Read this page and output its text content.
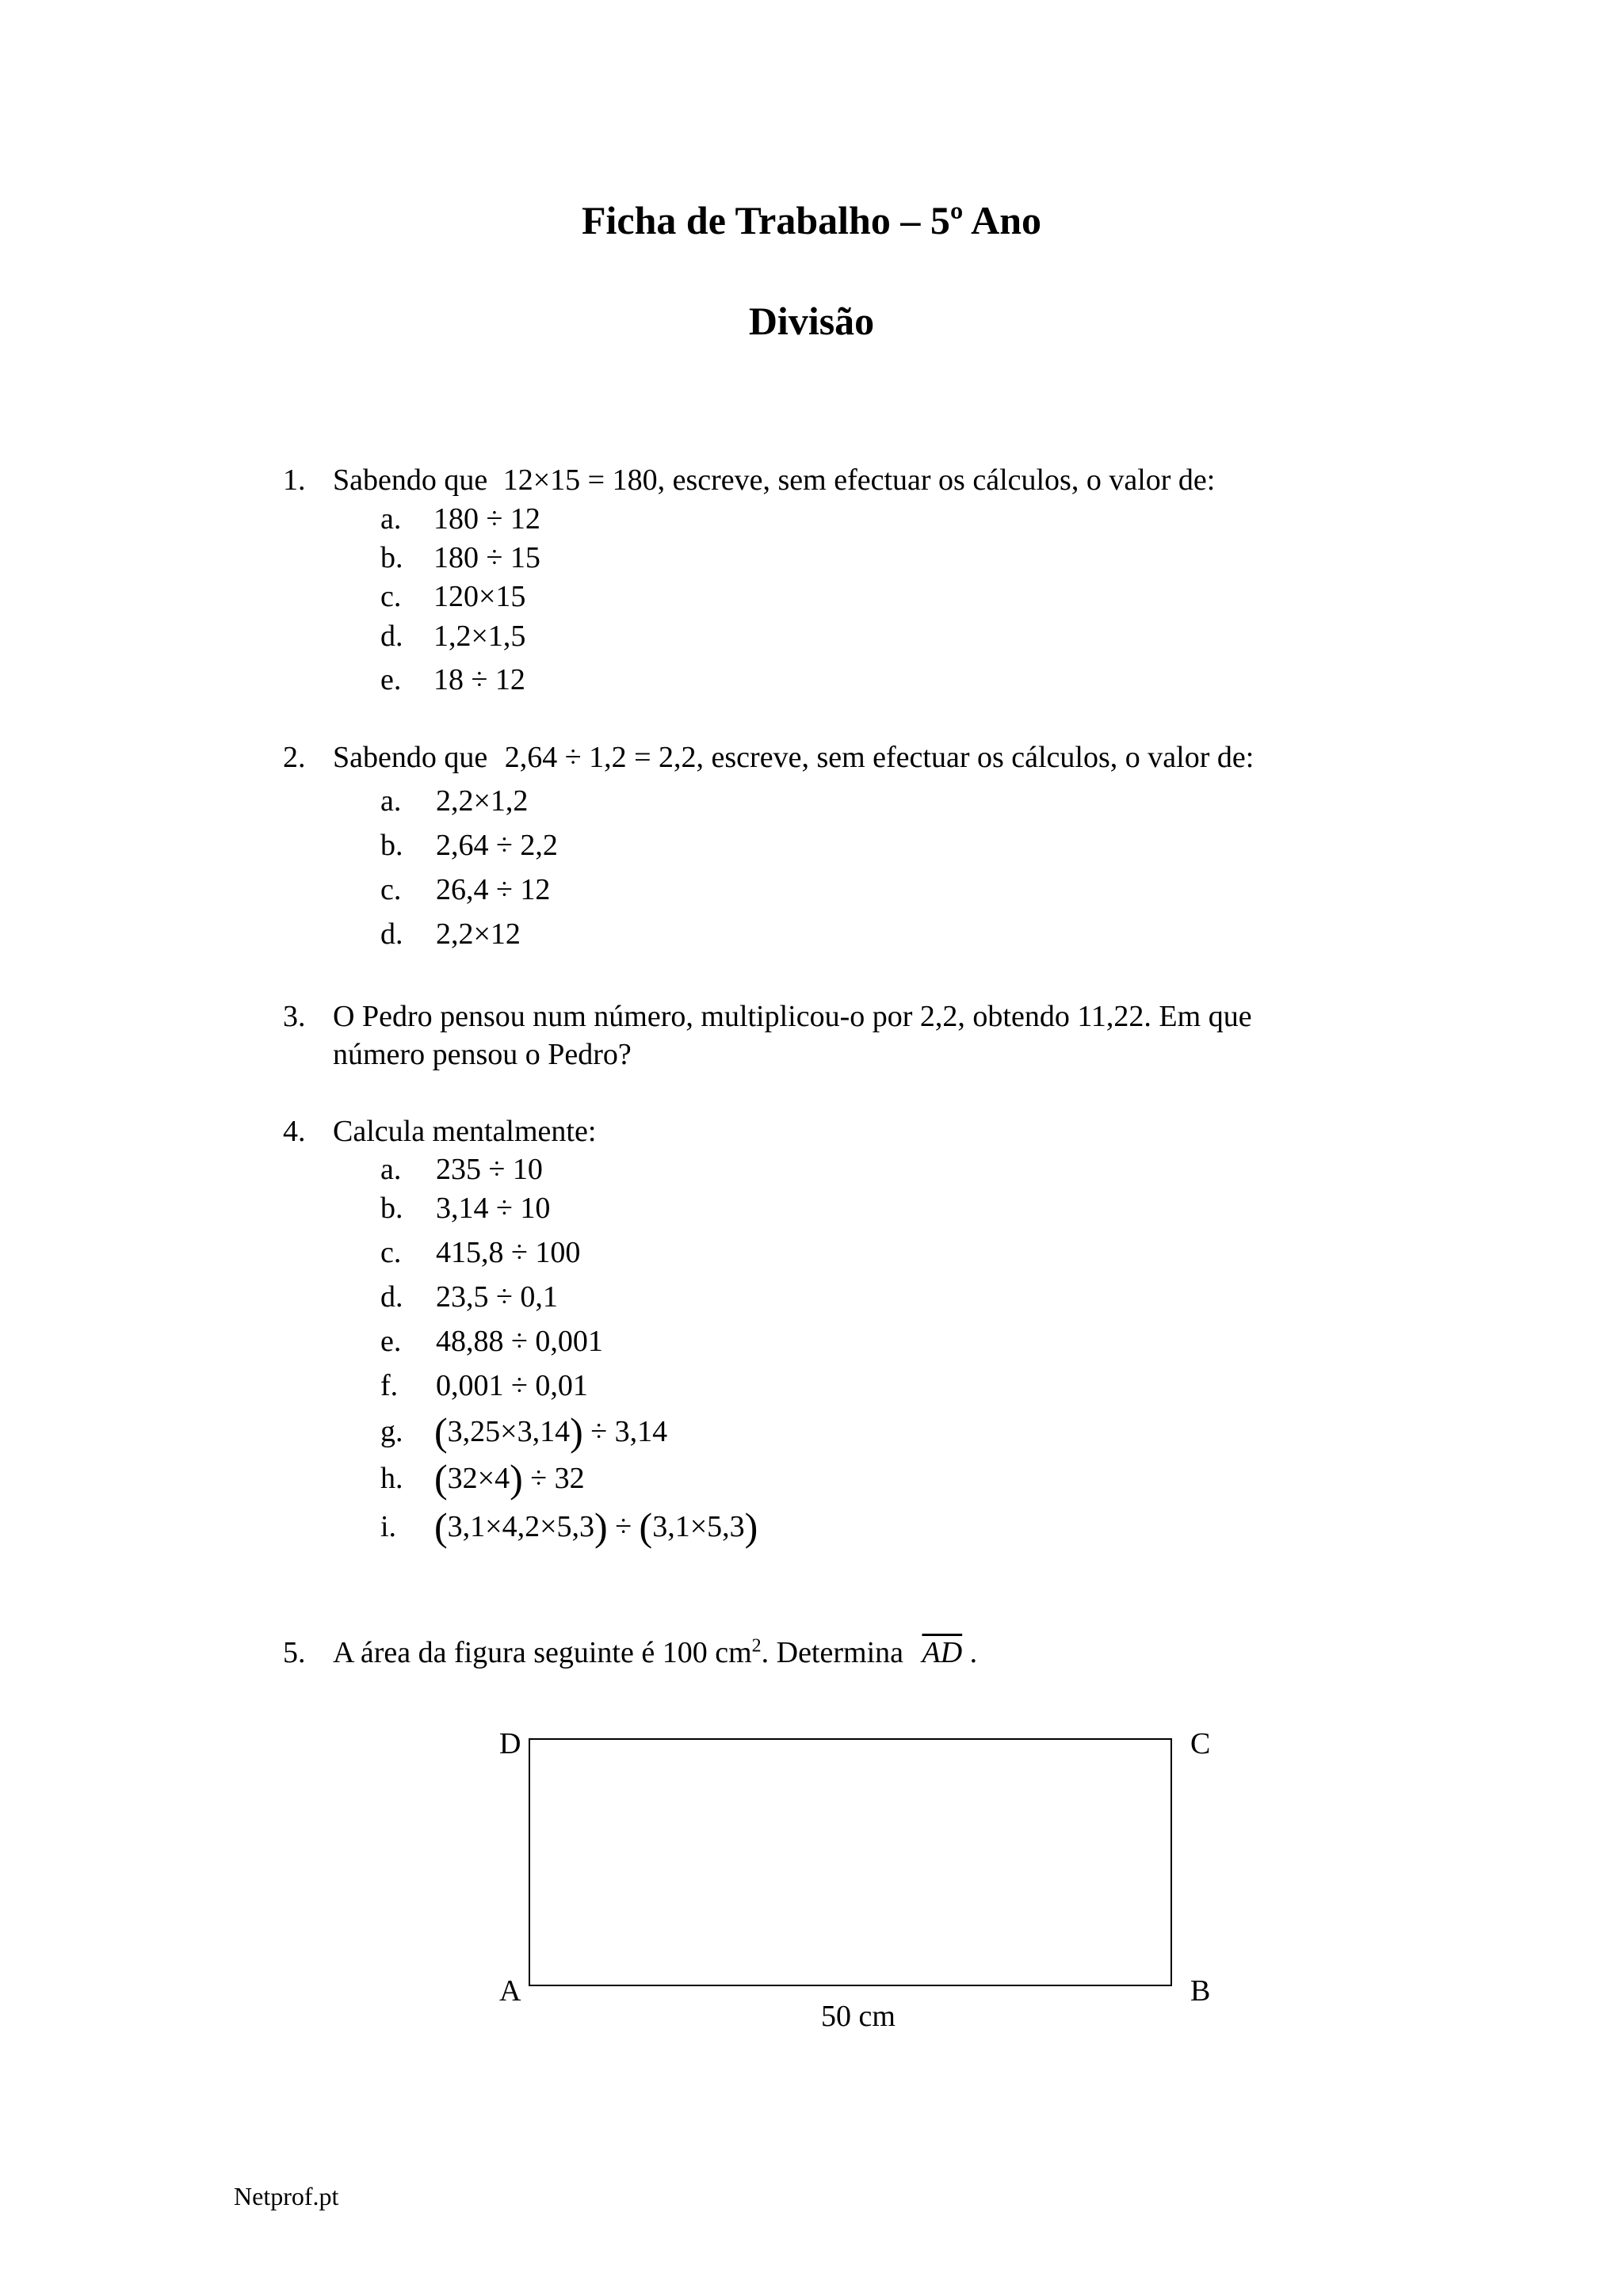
Ficha de Trabalho – 5º Ano
Divisão
1. Sabendo que 12×15 = 180, escreve, sem efectuar os cálculos, o valor de:
a. 180 ÷ 12
b. 180 ÷ 15
c. 120×15
d. 1,2×1,5
e. 18 ÷ 12
2. Sabendo que 2,64 ÷ 1,2 = 2,2, escreve, sem efectuar os cálculos, o valor de:
a. 2,2×1,2
b. 2,64 ÷ 2,2
c. 26,4 ÷ 12
d. 2,2×12
3. O Pedro pensou num número, multiplicou-o por 2,2, obtendo 11,22. Em que
número pensou o Pedro?
4. Calcula mentalmente:
a. 235 ÷ 10
b. 3,14 ÷ 10
c. 415,8 ÷ 100
d. 23,5 ÷ 0,1
e. 48,88 ÷ 0,001
f. 0,001 ÷ 0,01
g. (3,25×3,14) ÷ 3,14
h. (32×4) ÷ 32
i. (3,1×4,2×5,3) ÷ (3,1×5,3)
5. A área da figura seguinte é 100 $cm^2$. Determina $\overline{AD}$ .
D	C
A	B
50 cm
Netprof.pt
